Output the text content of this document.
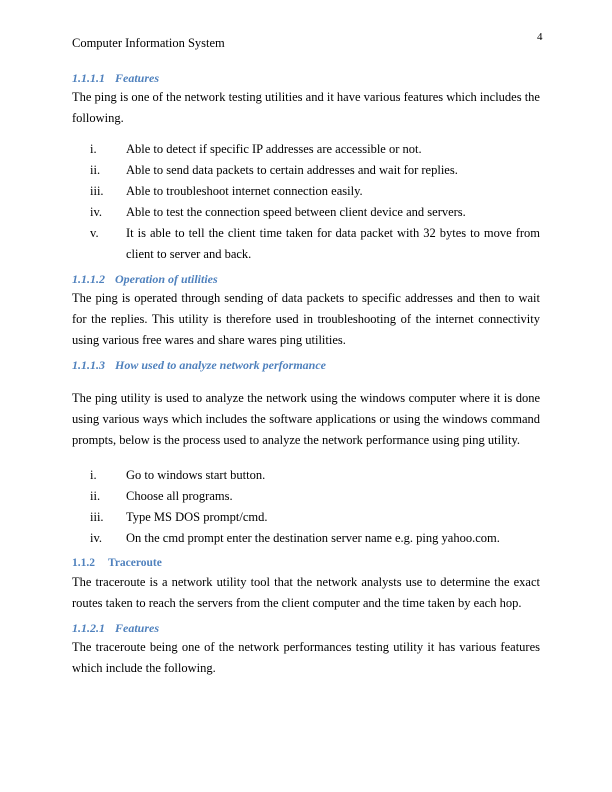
4
Computer Information System
1.1.1.1 Features

The ping is one of the network testing utilities and it have various features which includes the following.

i.	Able to detect if specific IP addresses are accessible or not.
ii.	Able to send data packets to certain addresses and wait for replies.
iii.	Able to troubleshoot internet connection easily.
iv.	Able to test the connection speed between client device and servers.
v.	It is able to tell the client time taken for data packet with 32 bytes to move from client to server and back.
1.1.1.2 Operation of utilities

The ping is operated through sending of data packets to specific addresses and then to wait for the replies. This utility is therefore used in troubleshooting of the internet connectivity using various free wares and share wares ping utilities.

1.1.1.3 How used to analyze network performance

The ping utility is used to analyze the network using the windows computer where it is done using various ways which includes the software applications or using the windows command prompts, below is the process used to analyze the network performance using ping utility.

i.	Go to windows start button.
ii.	Choose all programs.
iii.	Type MS DOS prompt/cmd.
iv.	On the cmd prompt enter the destination server name e.g. ping yahoo.com.
1.1.2 Traceroute

The traceroute is a network utility tool that the network analysts use to determine the exact routes taken to reach the servers from the client computer and the time taken by each hop.

1.1.2.1 Features

The traceroute being one of the network performances testing utility it has various features which include the following.
